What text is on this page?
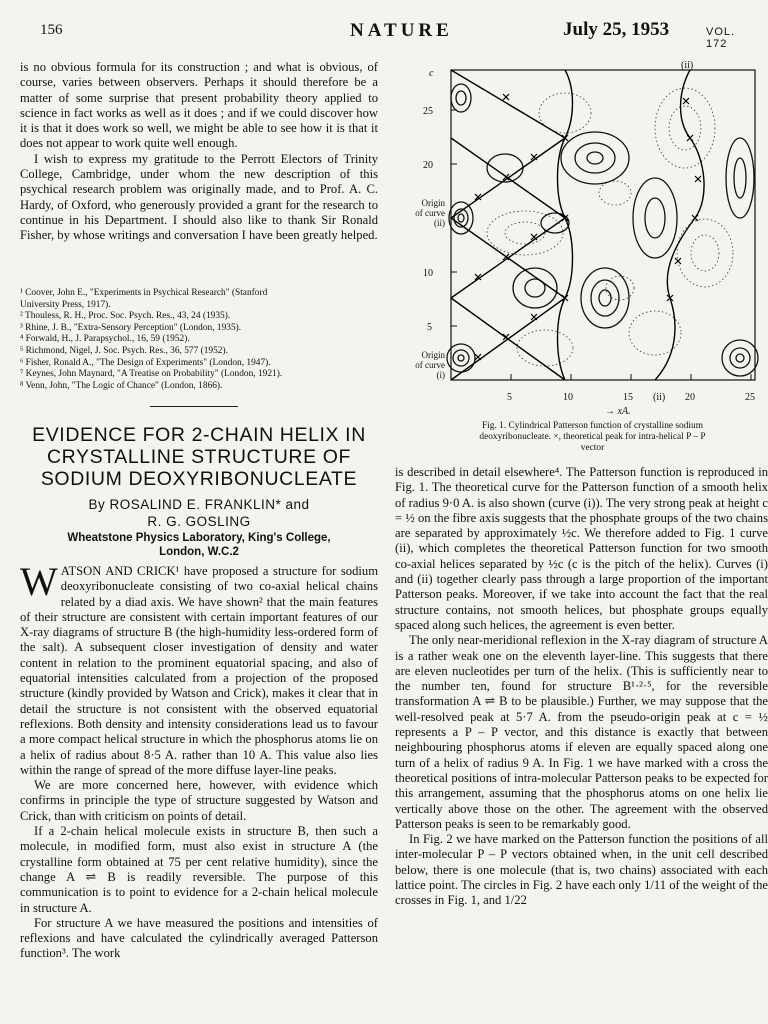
156	NATURE	July 25, 1953	VOL. 172

is no obvious formula for its construction ; and what is obvious, of course, varies between observers. Perhaps it should therefore be a matter of some surprise that present probability theory applied to science in fact works as well as it does ; and if we could discover how it is that it does work so well, we might be able to see how it is that it does not appear to work quite well enough.

I wish to express my gratitude to the Perrott Electors of Trinity College, Cambridge, under whom the new description of this psychical research problem was originally made, and to Prof. A. C. Hardy, of Oxford, who generously provided a grant for the research to continue in his Department. I should also like to thank Sir Ronald Fisher, by whose writings and conversation I have been greatly helped.

¹ Coover, John E., "Experiments in Psychical Research" (Stanford
University Press, 1917).
² Thouless, R. H., Proc. Soc. Psych. Res., 43, 24 (1935).
³ Rhine, J. B., "Extra-Sensory Perception" (London, 1935).
⁴ Forwald, H., J. Parapsychol., 16, 59 (1952).
⁵ Richmond, Nigel, J. Soc. Psych. Res., 36, 577 (1952).
⁶ Fisher, Ronald A., "The Design of Experiments" (London, 1947).
⁷ Keynes, John Maynard, "A Treatise on Probability" (London, 1921).
⁸ Venn, John, "The Logic of Chance" (London, 1866).
EVIDENCE FOR 2-CHAIN HELIX IN
CRYSTALLINE STRUCTURE OF
SODIUM DEOXYRIBONUCLEATE
By ROSALIND E. FRANKLIN* and
R. G. GOSLING
Wheatstone Physics Laboratory, King's College,
London, W.C.2

WATSON AND CRICK¹ have proposed a structure for sodium deoxyribonucleate consisting of two co-axial helical chains related by a diad axis. We have shown² that the main features of their structure are consistent with certain important features of our X-ray diagrams of structure B (the high-humidity less-ordered form of the salt). A subsequent closer investigation of density and water content in relation to the prominent equatorial spacing, and also of equatorial intensities calculated from a projection of the proposed structure (kindly provided by Watson and Crick), makes it clear that in detail the structure is not consistent with the observed equatorial reflexions. Both density and intensity considerations lead us to favour a more compact helical structure in which the phosphorus atoms lie on a helix of radius about 8·5 A. rather than 10 A. This value also lies within the range of spread of the more diffuse layer-line peaks.

We are more concerned here, however, with evidence which confirms in principle the type of structure suggested by Watson and Crick, than with criticism on points of detail.

If a 2-chain helical molecule exists in structure B, then such a molecule, in modified form, must also exist in structure A (the crystalline form obtained at 75 per cent relative humidity), since the change A ⇌ B is readily reversible. The purpose of this communication is to point to evidence for a 2-chain helical molecule in structure A.

For structure A we have measured the positions and intensities of reflexions and have calculated the cylindrically averaged Patterson function³. The work

c
25
20
10
5
5	10	15 (ii) 20	25
→ xA.
(ii)
Origin
of curve
(ii)
Origin
of curve
(i)
Fig. 1. Cylindrical Patterson function of crystalline sodium
deoxyribonucleate. ×, theoretical peak for intra-helical P – P
vector

is described in detail elsewhere⁴. The Patterson function is reproduced in Fig. 1. The theoretical curve for the Patterson function of a smooth helix of radius 9·0 A. is also shown (curve (i)). The very strong peak at height c = ½ on the fibre axis suggests that the phosphate groups of the two chains are separated by approximately ½c. We therefore added to Fig. 1 curve (ii), which completes the theoretical Patterson function for two smooth co-axial helices separated by ½c (c is the pitch of the helix). Curves (i) and (ii) together clearly pass through a large proportion of the important Patterson peaks. Moreover, if we take into account the fact that the real structure contains, not smooth helices, but phosphate groups equally spaced along such helices, the agreement is even better.

The only near-meridional reflexion in the X-ray diagram of structure A is a rather weak one on the eleventh layer-line. This suggests that there are eleven nucleotides per turn of the helix. (This is sufficiently near to the number ten, found for structure B¹·²·⁵, for the reversible transformation A ⇌ B to be plausible.) Further, we may suppose that the well-resolved peak at 5·7 A. from the pseudo-origin peak at c = ½ represents a P – P vector, and this distance is exactly that between neighbouring phosphorus atoms if eleven are equally spaced along one turn of a helix of radius 9 A. In Fig. 1 we have marked with a cross the theoretical positions of intra-molecular Patterson peaks to be expected for this arrangement, assuming that the phosphorus atoms on one helix lie vertically above those on the other. The agreement with the observed Patterson peaks is seen to be remarkably good.

In Fig. 2 we have marked on the Patterson function the positions of all inter-molecular P – P vectors obtained when, in the unit cell described below, there is one molecule (that is, two chains) associated with each lattice point. The circles in Fig. 2 have each only 1/11 of the weight of the crosses in Fig. 1, and 1/22
